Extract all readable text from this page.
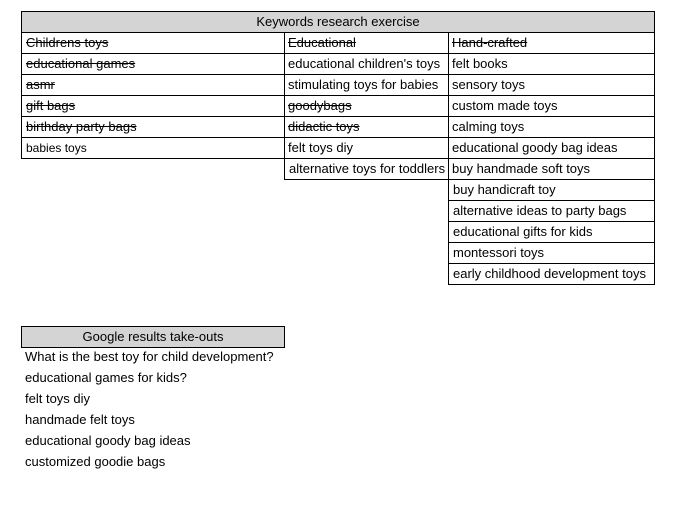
Keywords research exercise
Childrens toys
educational games
asmr
gift bags
birthday party bags
babies toys
Educational
educational children's toys
stimulating toys for babies
goodybags
didactic toys
felt toys diy
alternative toys for toddlers
Hand-crafted
felt books
sensory toys
custom made toys
calming toys
educational goody bag ideas
buy handmade soft toys
buy handicraft toy
alternative ideas to party bags
educational gifts for kids
montessori toys
early childhood development toys
Google results take-outs
What is the best toy for child development?
educational games for kids?
felt toys diy
handmade felt toys
educational goody bag ideas
customized goodie bags
